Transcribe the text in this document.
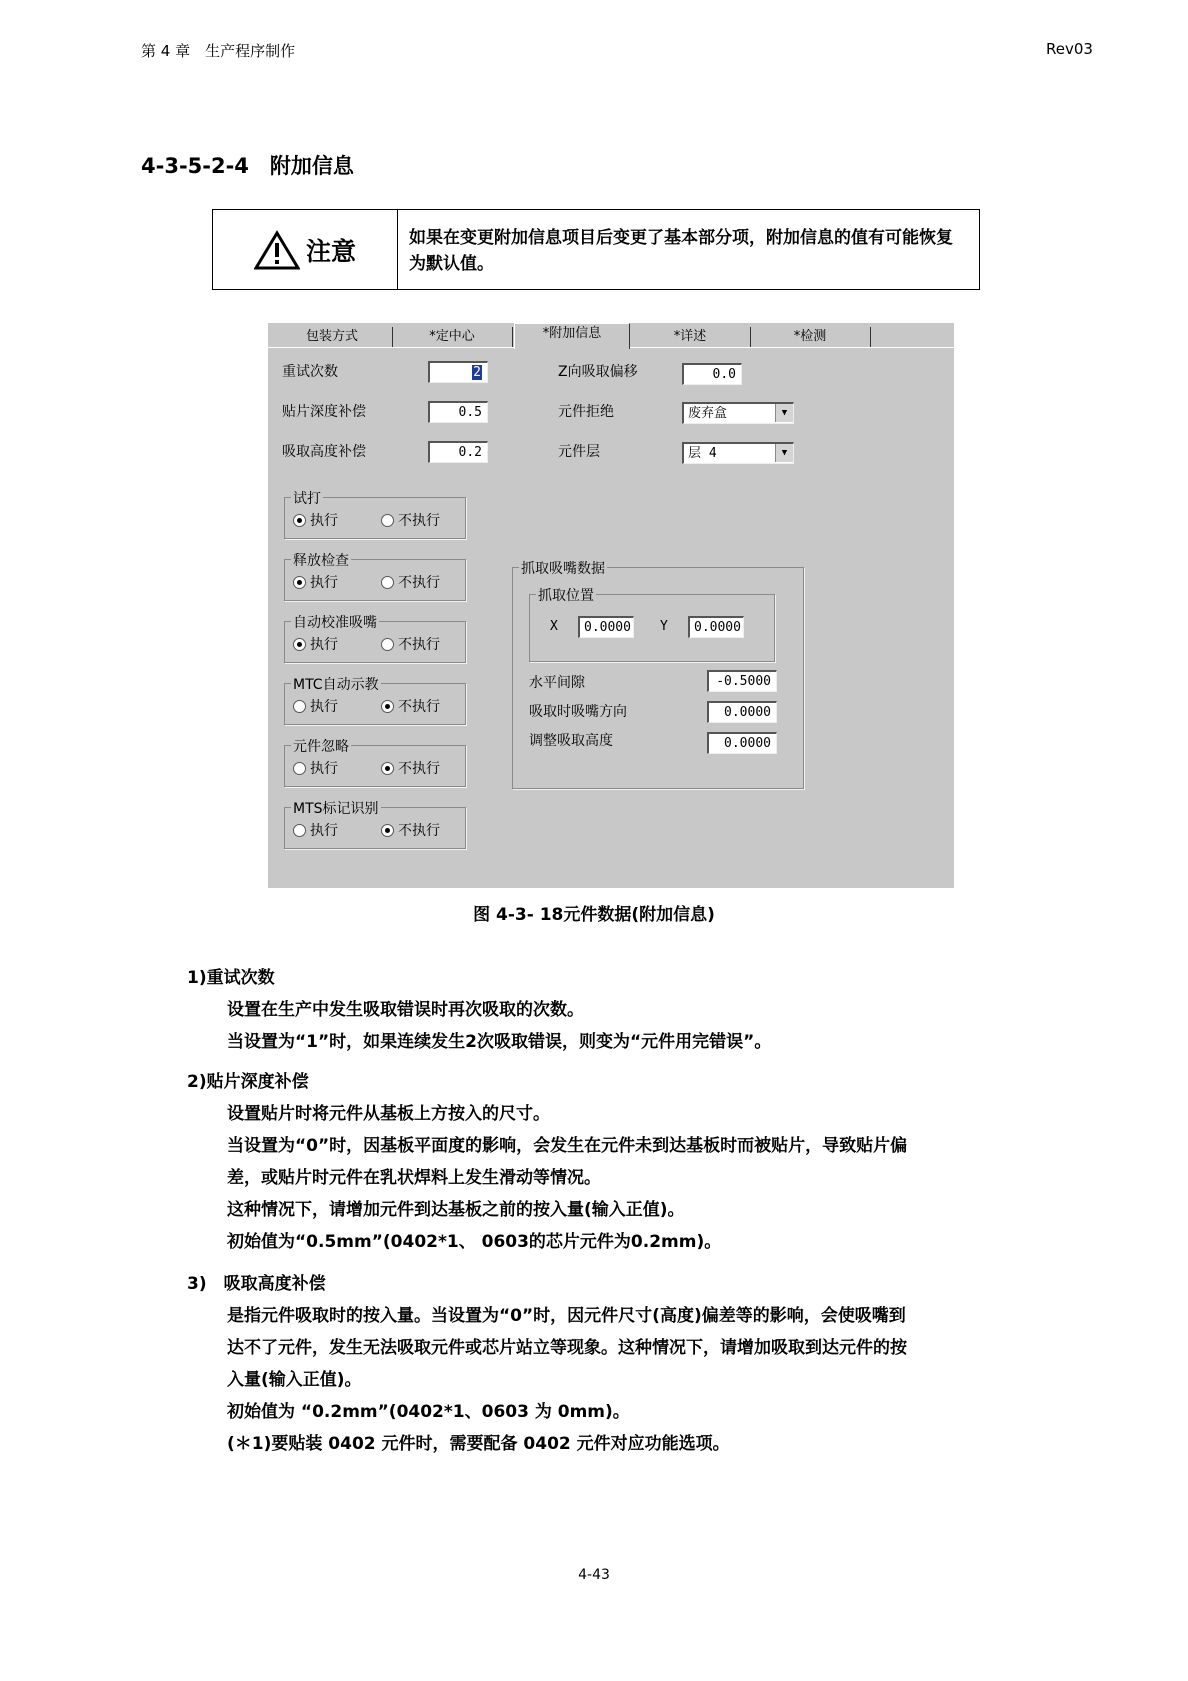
第 4 章　生产程序制作	Rev03
4-3-5-2-4　附加信息
注意	如果在变更附加信息项目后变更了基本部分项，附加信息的值有可能恢复为默认值。
包装方式	*定中心	*附加信息	*详述	*检测
重试次数	2
贴片深度补偿	0.5
吸取高度补偿	0.2
Z向吸取偏移	0.0
元件拒绝	废弃盒	▼
元件层	层 4	▼
试打
执行	不执行
释放检查
执行	不执行
自动校准吸嘴
执行	不执行
MTC自动示教
执行	不执行
元件忽略
执行	不执行
MTS标记识别
执行	不执行
抓取吸嘴数据
抓取位置
X	0.0000 Y	0.0000
水平间隙	-0.5000
吸取时吸嘴方向	0.0000
调整吸取高度	0.0000
图 4-3- 18元件数据(附加信息)
1)重试次数
设置在生产中发生吸取错误时再次吸取的次数。
当设置为“1”时，如果连续发生2次吸取错误，则变为“元件用完错误”。
2)贴片深度补偿
设置贴片时将元件从基板上方按入的尺寸。
当设置为“0”时，因基板平面度的影响，会发生在元件未到达基板时而被贴片，导致贴片偏
差，或贴片时元件在乳状焊料上发生滑动等情况。
这种情况下，请增加元件到达基板之前的按入量(输入正值)。
初始值为“0.5mm”(0402*1、 0603的芯片元件为0.2mm)。
3)　吸取高度补偿
是指元件吸取时的按入量。当设置为“0”时，因元件尺寸(高度)偏差等的影响，会使吸嘴到
达不了元件，发生无法吸取元件或芯片站立等现象。这种情况下，请增加吸取到达元件的按
入量(输入正值)。
初始值为 “0.2mm”(0402*1、0603 为 0mm)。
(＊1)要贴装 0402 元件时，需要配备 0402 元件对应功能选项。
4-43
